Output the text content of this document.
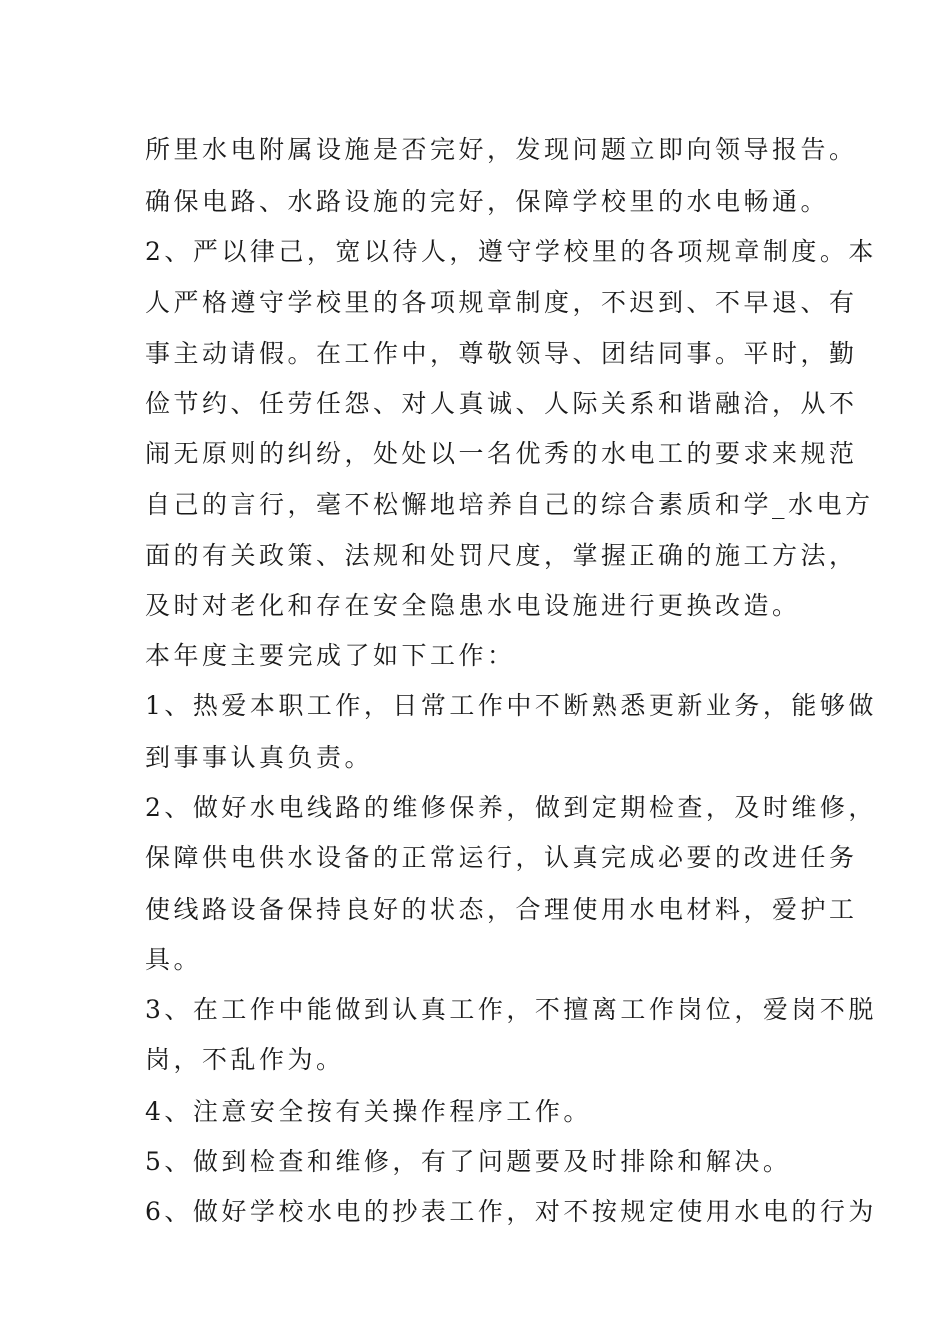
所里水电附属设施是否完好，发现问题立即向领导报告。
确保电路、水路设施的完好，保障学校里的水电畅通。
2、严以律己，宽以待人，遵守学校里的各项规章制度。本
人严格遵守学校里的各项规章制度，不迟到、不早退、有
事主动请假。在工作中，尊敬领导、团结同事。平时，勤
俭节约、任劳任怨、对人真诚、人际关系和谐融洽，从不
闹无原则的纠纷，处处以一名优秀的水电工的要求来规范
自己的言行，毫不松懈地培养自己的综合素质和学_水电方
面的有关政策、法规和处罚尺度，掌握正确的施工方法，
及时对老化和存在安全隐患水电设施进行更换改造。
本年度主要完成了如下工作：
1、热爱本职工作，日常工作中不断熟悉更新业务，能够做
到事事认真负责。
2、做好水电线路的维修保养，做到定期检查，及时维修，
保障供电供水设备的正常运行，认真完成必要的改进任务
使线路设备保持良好的状态，合理使用水电材料，爱护工
具。
3、在工作中能做到认真工作，不擅离工作岗位，爱岗不脱
岗，不乱作为。
4、注意安全按有关操作程序工作。
5、做到检查和维修，有了问题要及时排除和解决。
6、做好学校水电的抄表工作，对不按规定使用水电的行为
